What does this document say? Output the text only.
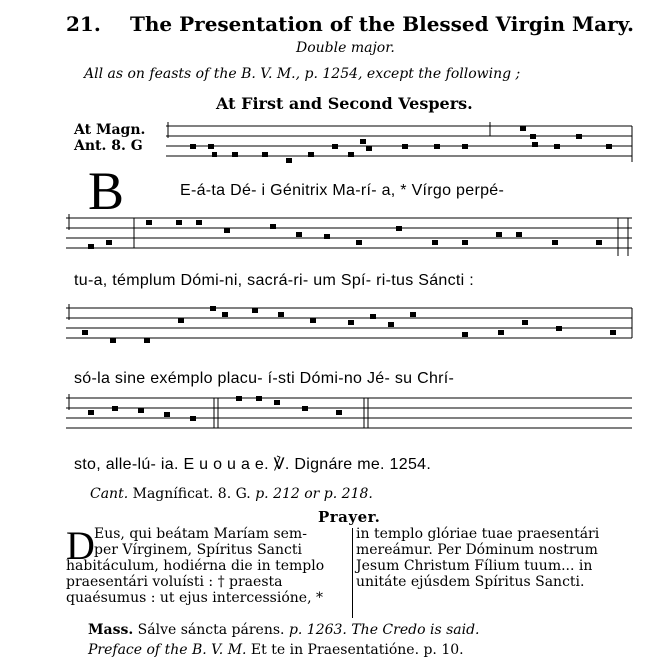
21. The Presentation of the Blessed Virgin Mary.
Double major.
All as on feasts of the B. V. M., p. 1254, except the following ;
At First and Second Vespers.
At Magn.
Ant. 8. G
B	E-á-ta Dé- i Génitrix Ma-rí- a, * Vírgo perpé-
tu-a, témplum Dómi-ni, sacrá-ri- um Spí- ri-tus Sáncti :
só-la sine exémplo placu- í-sti Dómi-no Jé- su Chrí-
sto, alle-lú- ia. E u o u a e. ℣. Dignáre me. 1254.
Cant. Magníficat. 8. G. p. 212 or p. 218.
Prayer.
D Eus, qui beátam Maríam sem-
per Vírginem, Spíritus Sancti
habitáculum, hodiérna die in templo
praesentári voluísti : † praesta
quaésumus : ut ejus intercessióne, *
in templo glóriae tuae praesentári
mereámur. Per Dóminum nostrum
Jesum Christum Fílium tuum... in
unitáte ejúsdem Spíritus Sancti.
Mass. Sálve sáncta párens. p. 1263. The Credo is said.
Preface of the B. V. M. Et te in Praesentatióne. p. 10.
